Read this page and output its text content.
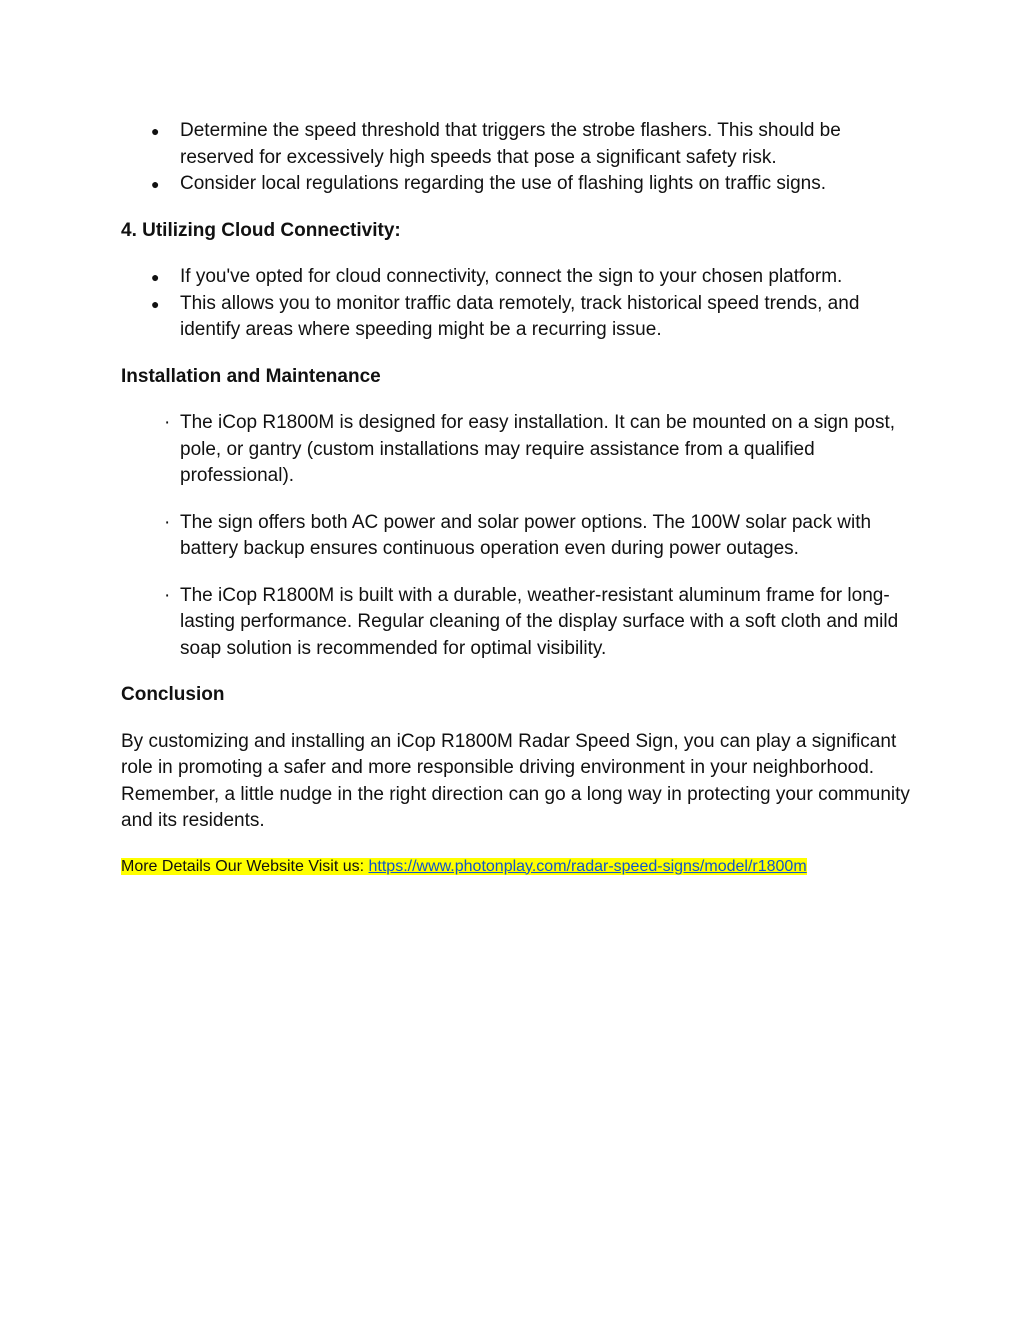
● Determine the speed threshold that triggers the strobe flashers. This should be reserved for excessively high speeds that pose a significant safety risk.
● Consider local regulations regarding the use of flashing lights on traffic signs.

4. Utilizing Cloud Connectivity:

● If you've opted for cloud connectivity, connect the sign to your chosen platform.
● This allows you to monitor traffic data remotely, track historical speed trends, and identify areas where speeding might be a recurring issue.

Installation and Maintenance

· The iCop R1800M is designed for easy installation. It can be mounted on a sign post, pole, or gantry (custom installations may require assistance from a qualified professional).
· The sign offers both AC power and solar power options. The 100W solar pack with battery backup ensures continuous operation even during power outages.
· The iCop R1800M is built with a durable, weather-resistant aluminum frame for long-lasting performance. Regular cleaning of the display surface with a soft cloth and mild soap solution is recommended for optimal visibility.

Conclusion

By customizing and installing an iCop R1800M Radar Speed Sign, you can play a significant role in promoting a safer and more responsible driving environment in your neighborhood. Remember, a little nudge in the right direction can go a long way in protecting your community and its residents.

More Details Our Website Visit us: https://www.photonplay.com/radar-speed-signs/model/r1800m
